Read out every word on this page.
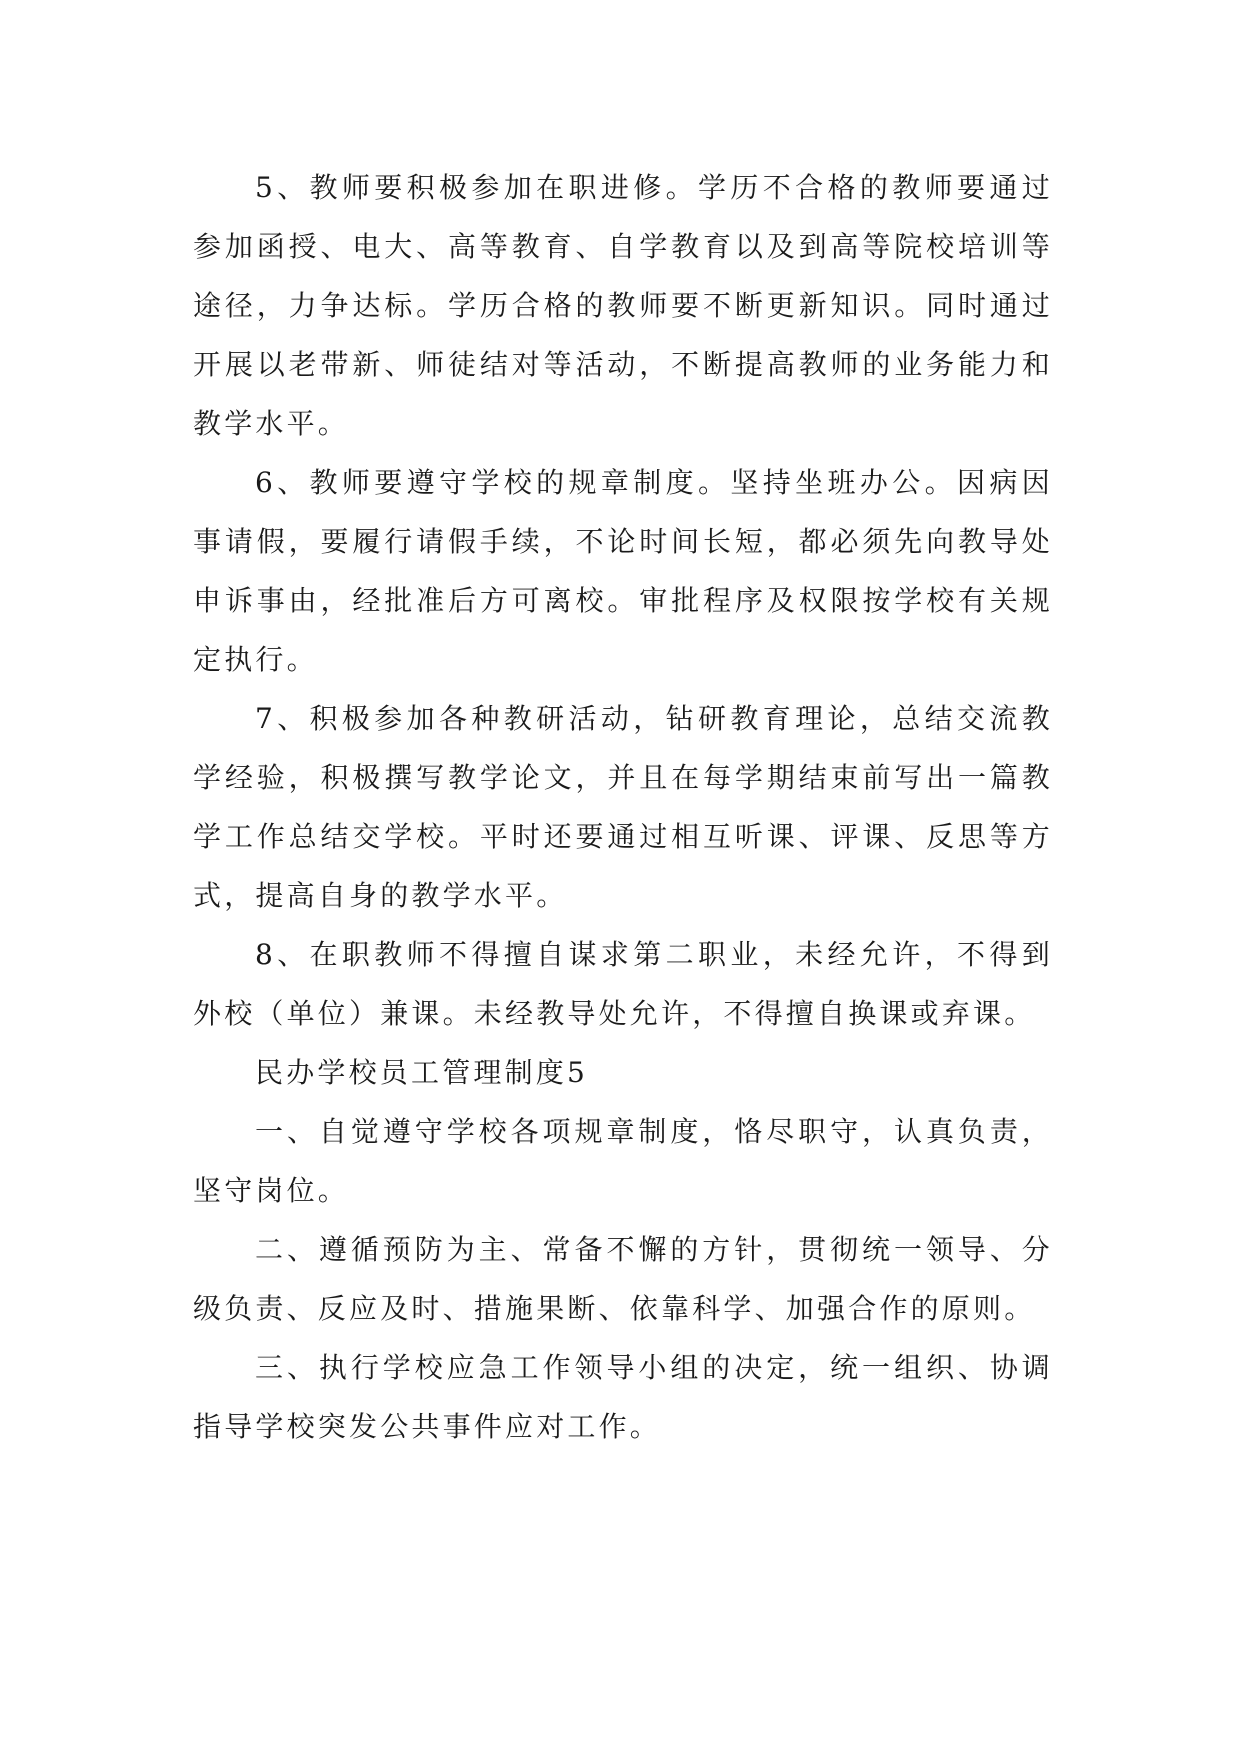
5、教师要积极参加在职进修。学历不合格的教师要通过参加函授、电大、高等教育、自学教育以及到高等院校培训等途径，力争达标。学历合格的教师要不断更新知识。同时通过开展以老带新、师徒结对等活动，不断提高教师的业务能力和教学水平。

6、教师要遵守学校的规章制度。坚持坐班办公。因病因事请假，要履行请假手续，不论时间长短，都必须先向教导处申诉事由，经批准后方可离校。审批程序及权限按学校有关规定执行。

7、积极参加各种教研活动，钻研教育理论，总结交流教学经验，积极撰写教学论文，并且在每学期结束前写出一篇教学工作总结交学校。平时还要通过相互听课、评课、反思等方式，提高自身的教学水平。

8、在职教师不得擅自谋求第二职业，未经允许，不得到外校（单位）兼课。未经教导处允许，不得擅自换课或弃课。

民办学校员工管理制度5

一、自觉遵守学校各项规章制度，恪尽职守，认真负责，坚守岗位。

二、遵循预防为主、常备不懈的方针，贯彻统一领导、分级负责、反应及时、措施果断、依靠科学、加强合作的原则。

三、执行学校应急工作领导小组的决定，统一组织、协调指导学校突发公共事件应对工作。
